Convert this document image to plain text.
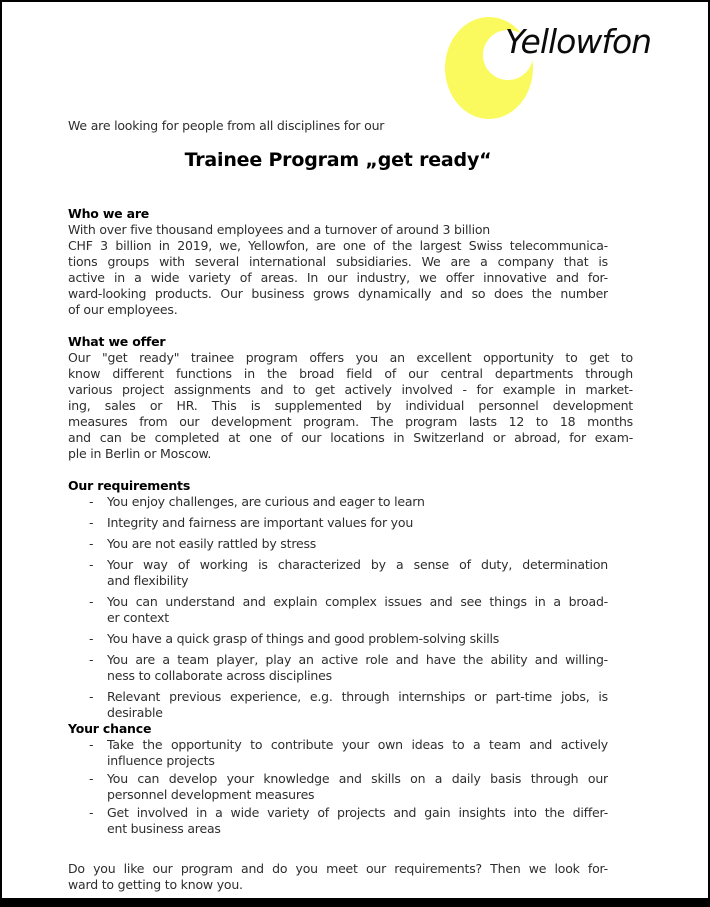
Yellowfon
We are looking for people from all disciplines for our
Trainee Program „get ready“
Who we are
With over five thousand employees and a turnover of around 3 billion
CHF 3 billion in 2019, we, Yellowfon, are one of the largest Swiss telecommunica-
tions groups with several international subsidiaries. We are a company that is
active in a wide variety of areas. In our industry, we offer innovative and for-
ward-looking products. Our business grows dynamically and so does the number
of our employees.
What we offer
Our "get ready" trainee program offers you an excellent opportunity to get to
know different functions in the broad field of our central departments through
various project assignments and to get actively involved - for example in market-
ing, sales or HR. This is supplemented by individual personnel development
measures from our development program. The program lasts 12 to 18 months
and can be completed at one of our locations in Switzerland or abroad, for exam-
ple in Berlin or Moscow.
Our requirements
-	You enjoy challenges, are curious and eager to learn
-	Integrity and fairness are important values for you
-	You are not easily rattled by stress
-	Your way of working is characterized by a sense of duty, determination
and flexibility
-	You can understand and explain complex issues and see things in a broad-
er context
-	You have a quick grasp of things and good problem-solving skills
-	You are a team player, play an active role and have the ability and willing-
ness to collaborate across disciplines
-	Relevant previous experience, e.g. through internships or part-time jobs, is
desirable
Your chance
-	Take the opportunity to contribute your own ideas to a team and actively
influence projects
-	You can develop your knowledge and skills on a daily basis through our
personnel development measures
-	Get involved in a wide variety of projects and gain insights into the differ-
ent business areas
Do you like our program and do you meet our requirements? Then we look for-
ward to getting to know you.
